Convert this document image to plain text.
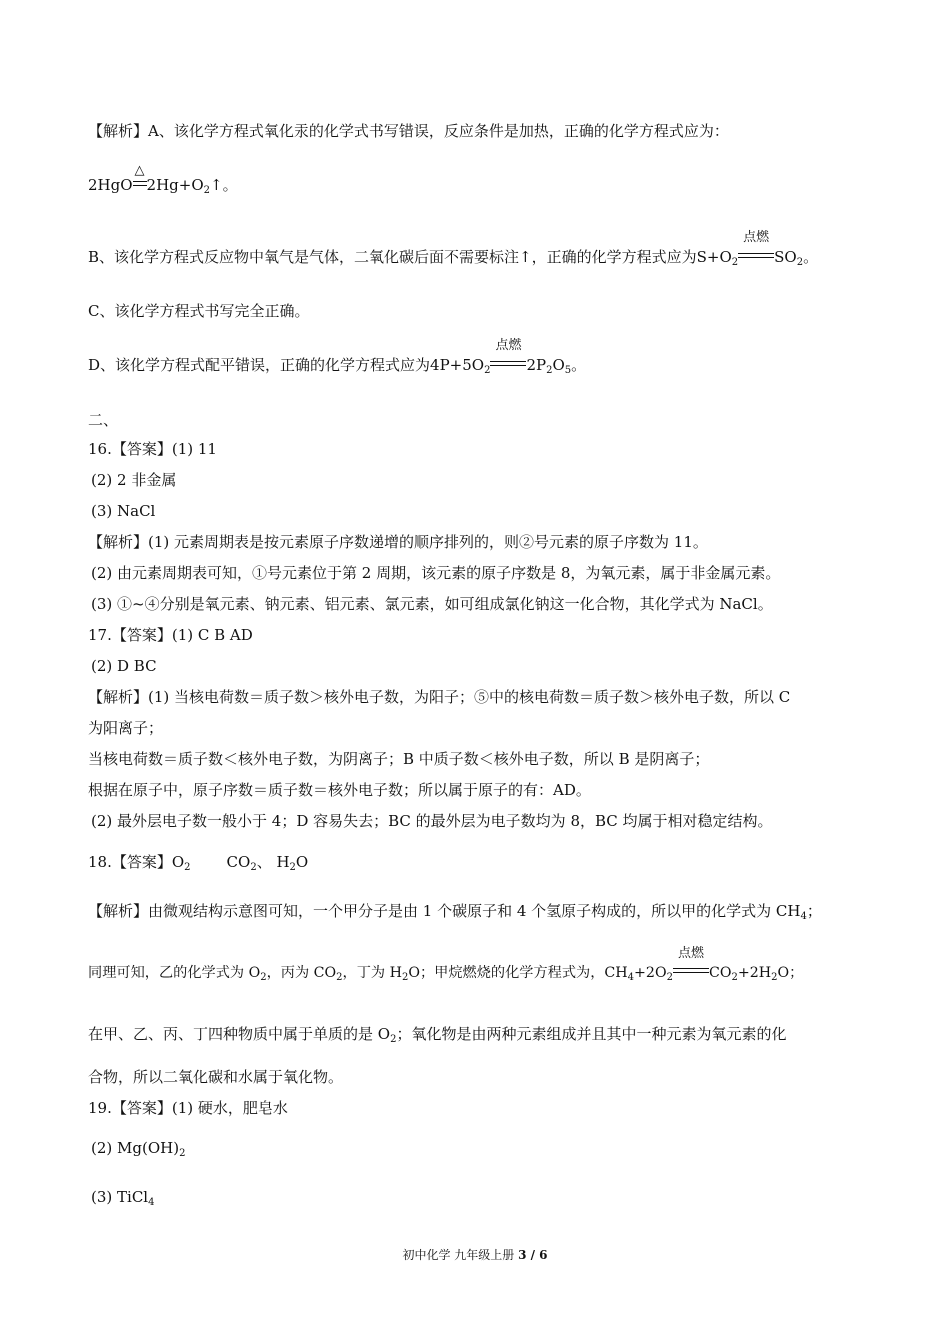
【解析】A、该化学方程式氧化汞的化学式书写错误，反应条件是加热，正确的化学方程式应为：
2HgO
△
$2Hg+O_2↑$。
B、该化学方程式反应物中氧气是气体，二氧化碳后面不需要标注↑，正确的化学方程式应为$S+O_2$
点燃
$SO_2$。
C、该化学方程式书写完全正确。
D、该化学方程式配平错误，正确的化学方程式应为$4P+5O_2$
点燃
$2P_2O_5$。
二、
16.【答案】(1) 11
(2) 2 非金属
(3) NaCl
【解析】(1) 元素周期表是按元素原子序数递增的顺序排列的，则②号元素的原子序数为 11。
(2) 由元素周期表可知，①号元素位于第 2 周期，该元素的原子序数是 8，为氧元素，属于非金属元素。
(3) ①~④分别是氧元素、钠元素、铝元素、氯元素，如可组成氯化钠这一化合物，其化学式为 NaCl。
17.【答案】(1) C B AD
(2) D BC
【解析】(1) 当核电荷数＝质子数＞核外电子数，为阳子；⑤中的核电荷数＝质子数＞核外电子数，所以 C
为阳离子；
当核电荷数＝质子数＜核外电子数，为阴离子；B 中质子数＜核外电子数，所以 B 是阴离子；
根据在原子中，原子序数＝质子数＝核外电子数；所以属于原子的有：AD。
(2) 最外层电子数一般小于 4；D 容易失去；BC 的最外层为电子数均为 8，BC 均属于相对稳定结构。
18.【答案】$O_2$ $CO_2$、 $H_2O$
【解析】由微观结构示意图可知，一个甲分子是由 1 个碳原子和 4 个氢原子构成的，所以甲的化学式为 $CH_4$；
同理可知，乙的化学式为 $O_2$，丙为 $CO_2$，丁为 $H_2O$；甲烷燃烧的化学方程式为，$CH_4+2O_2$
点燃
$CO_2+2H_2O$；
在甲、乙、丙、丁四种物质中属于单质的是 $O_2$；氧化物是由两种元素组成并且其中一种元素为氧元素的化
合物，所以二氧化碳和水属于氧化物。
19.【答案】(1) 硬水，肥皂水
(2) $Mg(OH)_2$
(3) TiCl$_4$
初中化学 九年级上册 3 / 6
